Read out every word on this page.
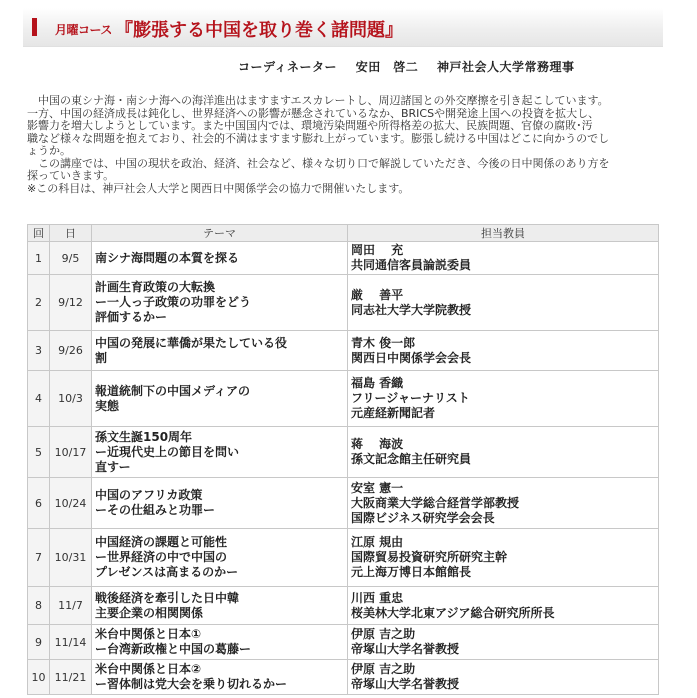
月曜コース 『膨張する中国を取り巻く諸問題』
コーディネーター 安田　啓二 神戸社会人大学常務理事

　中国の東シナ海・南シナ海への海洋進出はますますエスカレートし、周辺諸国との外交摩擦を引き起こしています。
一方、中国の経済成長は鈍化し、世界経済への影響が懸念されているなか、BRICSや開発途上国への投資を拡大し、
影響力を増大しようとしています。また中国国内では、環境汚染問題や所得格差の拡大、民族問題、官僚の腐敗･汚
職など様々な問題を抱えており、社会的不満はますます膨れ上がっています。膨張し続ける中国はどこに向かうのでし
ょうか。

　この講座では、中国の現状を政治、経済、社会など、様々な切り口で解説していただき、今後の日中関係のあり方を
探っていきます。

※この科目は、神戸社会人大学と関西日中関係学会の協力で開催いたします。

回	日	テーマ	担当教員
1	9/5	南シナ海問題の本質を探る	岡田　 充
共同通信客員論説委員

2	9/12	計画生育政策の大転換
ー一人っ子政策の功罪をどう
評価するかー	厳 　善平
同志社大学大学院教授

3	9/26	中国の発展に華僑が果たしている役
割	青木 俊一郎
関西日中関係学会会長

4	10/3	報道統制下の中国メディアの
実態	福島 香織
フリージャーナリスト
元産経新聞記者

5	10/17	孫文生誕150周年
ー近現代史上の節目を問い
直すー	蒋　 海波
孫文記念館主任研究員

6	10/24	中国のアフリカ政策
ーその仕組みと功罪ー	安室 憲一
大阪商業大学総合経営学部教授
国際ビジネス研究学会会長

7	10/31	中国経済の課題と可能性
ー世界経済の中で中国の
プレゼンスは高まるのかー	江原 規由
国際貿易投資研究所研究主幹
元上海万博日本館館長

8	11/7	戦後経済を牽引した日中韓
主要企業の相関関係	川西 重忠
桜美林大学北東アジア総合研究所所長

9	11/14	米台中関係と日本①
ー台湾新政権と中国の葛藤ー	伊原 吉之助
帝塚山大学名誉教授

10	11/21	米台中関係と日本②
ー習体制は党大会を乗り切れるかー	伊原 吉之助
帝塚山大学名誉教授
